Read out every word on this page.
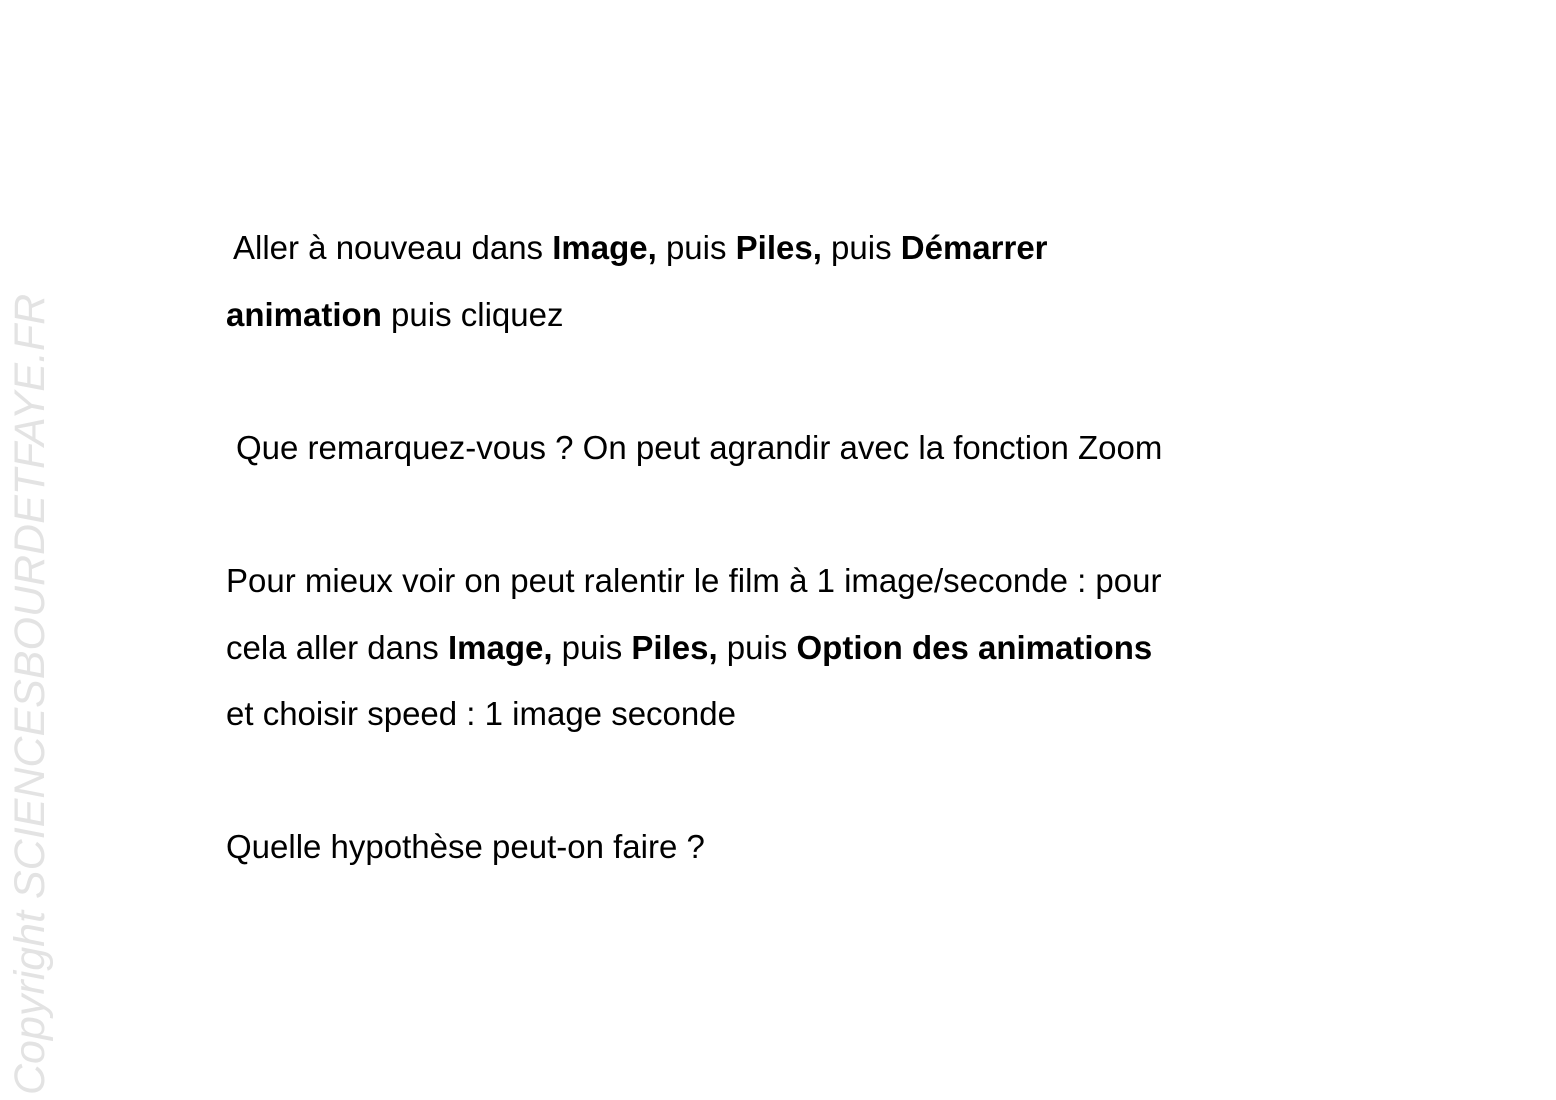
Copyright SCIENCESBOURDETFAYE.FR
Aller à nouveau dans Image, puis Piles, puis Démarrer
animation puis cliquez
Que remarquez-vous ? On peut agrandir avec la fonction Zoom
Pour mieux voir on peut ralentir le film à 1 image/seconde : pour
cela aller dans Image, puis Piles, puis Option des animations
et choisir speed : 1 image seconde
Quelle hypothèse peut-on faire ?
